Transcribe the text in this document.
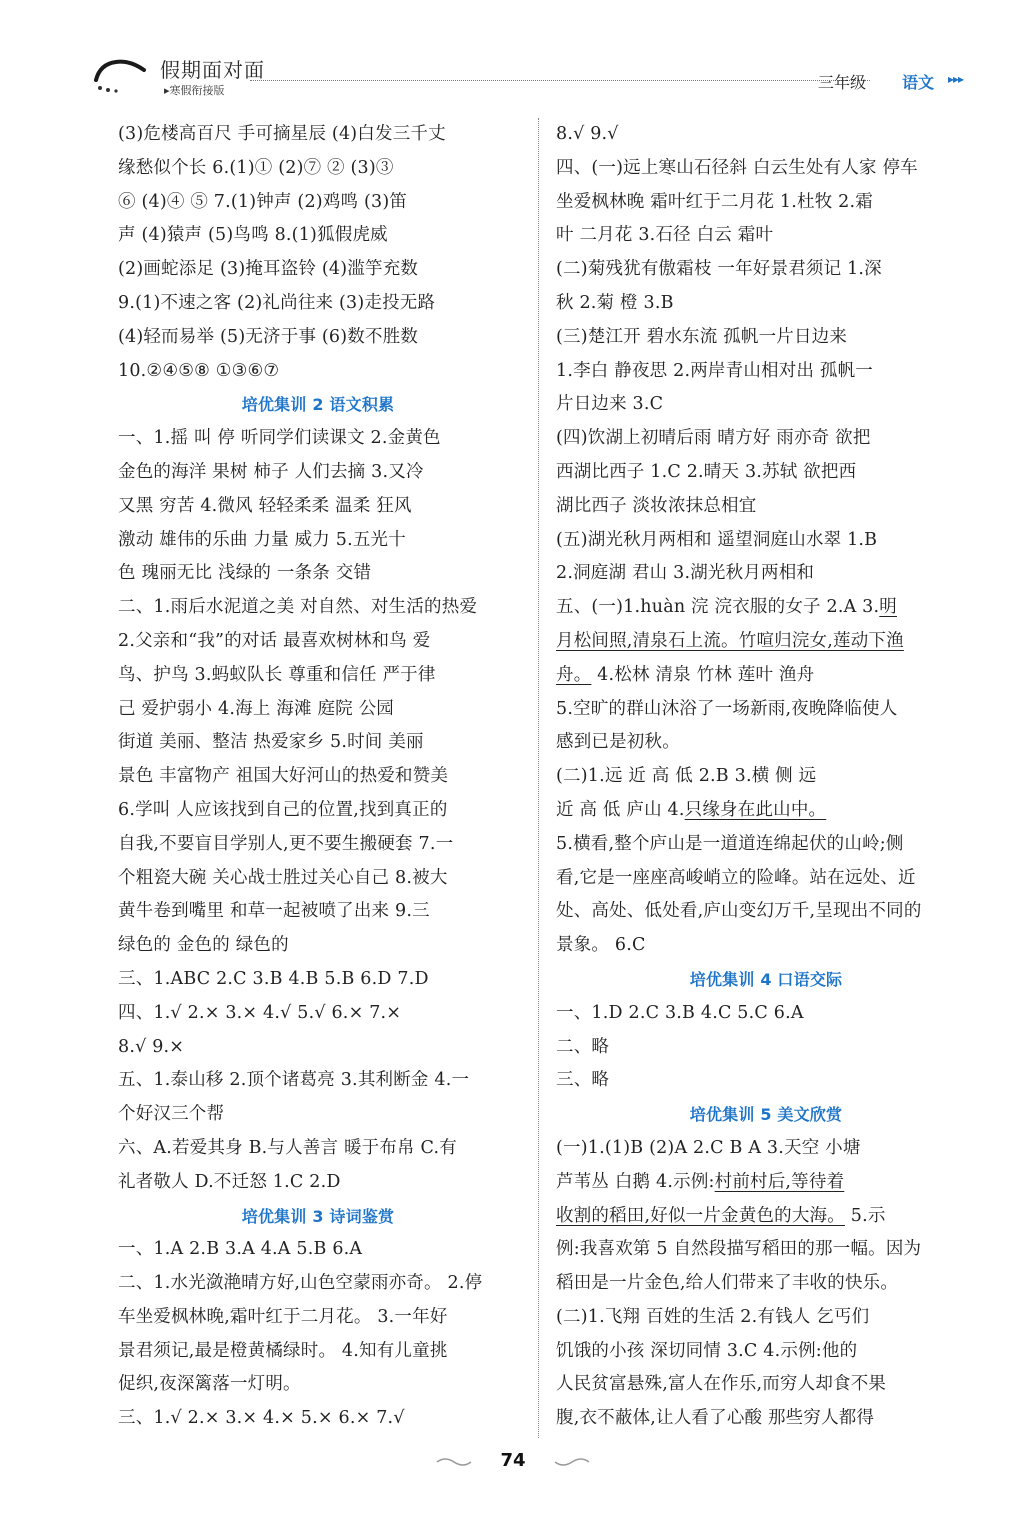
假期面对面
▸寒假衔接版	三年级 语文 ▸▸▸
(3)危楼高百尺 手可摘星辰 (4)白发三千丈
缘愁似个长 6.(1)① (2)⑦ ② (3)③
⑥ (4)④ ⑤ 7.(1)钟声 (2)鸡鸣 (3)笛
声 (4)猿声 (5)鸟鸣 8.(1)狐假虎威
(2)画蛇添足 (3)掩耳盗铃 (4)滥竽充数
9.(1)不速之客 (2)礼尚往来 (3)走投无路
(4)轻而易举 (5)无济于事 (6)数不胜数
10.②④⑤⑧ ①③⑥⑦
培优集训 2 语文积累
一、1.摇 叫 停 听同学们读课文 2.金黄色
金色的海洋 果树 柿子 人们去摘 3.又冷
又黑 穷苦 4.微风 轻轻柔柔 温柔 狂风
激动 雄伟的乐曲 力量 威力 5.五光十
色 瑰丽无比 浅绿的 一条条 交错
二、1.雨后水泥道之美 对自然、对生活的热爱
2.父亲和“我”的对话 最喜欢树林和鸟 爱
鸟、护鸟 3.蚂蚁队长 尊重和信任 严于律
己 爱护弱小 4.海上 海滩 庭院 公园
街道 美丽、整洁 热爱家乡 5.时间 美丽
景色 丰富物产 祖国大好河山的热爱和赞美
6.学叫 人应该找到自己的位置,找到真正的
自我,不要盲目学别人,更不要生搬硬套 7.一
个粗瓷大碗 关心战士胜过关心自己 8.被大
黄牛卷到嘴里 和草一起被喷了出来 9.三
绿色的 金色的 绿色的
三、1.ABC 2.C 3.B 4.B 5.B 6.D 7.D
四、1.√ 2.× 3.× 4.√ 5.√ 6.× 7.×
8.√ 9.×
五、1.泰山移 2.顶个诸葛亮 3.其利断金 4.一
个好汉三个帮
六、A.若爱其身 B.与人善言 暖于布帛 C.有
礼者敬人 D.不迁怒 1.C 2.D
培优集训 3 诗词鉴赏
一、1.A 2.B 3.A 4.A 5.B 6.A
二、1.水光潋滟晴方好,山色空蒙雨亦奇。 2.停
车坐爱枫林晚,霜叶红于二月花。 3.一年好
景君须记,最是橙黄橘绿时。 4.知有儿童挑
促织,夜深篱落一灯明。
三、1.√ 2.× 3.× 4.× 5.× 6.× 7.√
8.√ 9.√
四、(一)远上寒山石径斜 白云生处有人家 停车
坐爱枫林晚 霜叶红于二月花 1.杜牧 2.霜
叶 二月花 3.石径 白云 霜叶
(二)菊残犹有傲霜枝 一年好景君须记 1.深
秋 2.菊 橙 3.B
(三)楚江开 碧水东流 孤帆一片日边来
1.李白 静夜思 2.两岸青山相对出 孤帆一
片日边来 3.C
(四)饮湖上初晴后雨 晴方好 雨亦奇 欲把
西湖比西子 1.C 2.晴天 3.苏轼 欲把西
湖比西子 淡妆浓抹总相宜
(五)湖光秋月两相和 遥望洞庭山水翠 1.B
2.洞庭湖 君山 3.湖光秋月两相和
五、(一)1.huàn 浣 浣衣服的女子 2.A 3.明
月松间照,清泉石上流。竹喧归浣女,莲动下渔
舟。 4.松林 清泉 竹林 莲叶 渔舟
5.空旷的群山沐浴了一场新雨,夜晚降临使人
感到已是初秋。
(二)1.远 近 高 低 2.B 3.横 侧 远
近 高 低 庐山 4.只缘身在此山中。
5.横看,整个庐山是一道道连绵起伏的山岭;侧
看,它是一座座高峻峭立的险峰。站在远处、近
处、高处、低处看,庐山变幻万千,呈现出不同的
景象。 6.C
培优集训 4 口语交际
一、1.D 2.C 3.B 4.C 5.C 6.A
二、略
三、略
培优集训 5 美文欣赏
(一)1.(1)B (2)A 2.C B A 3.天空 小塘
芦苇丛 白鹅 4.示例:村前村后,等待着
收割的稻田,好似一片金黄色的大海。 5.示
例:我喜欢第 5 自然段描写稻田的那一幅。因为
稻田是一片金色,给人们带来了丰收的快乐。
(二)1.飞翔 百姓的生活 2.有钱人 乞丐们
饥饿的小孩 深切同情 3.C 4.示例:他的
人民贫富悬殊,富人在作乐,而穷人却食不果
腹,衣不蔽体,让人看了心酸 那些穷人都得
74
